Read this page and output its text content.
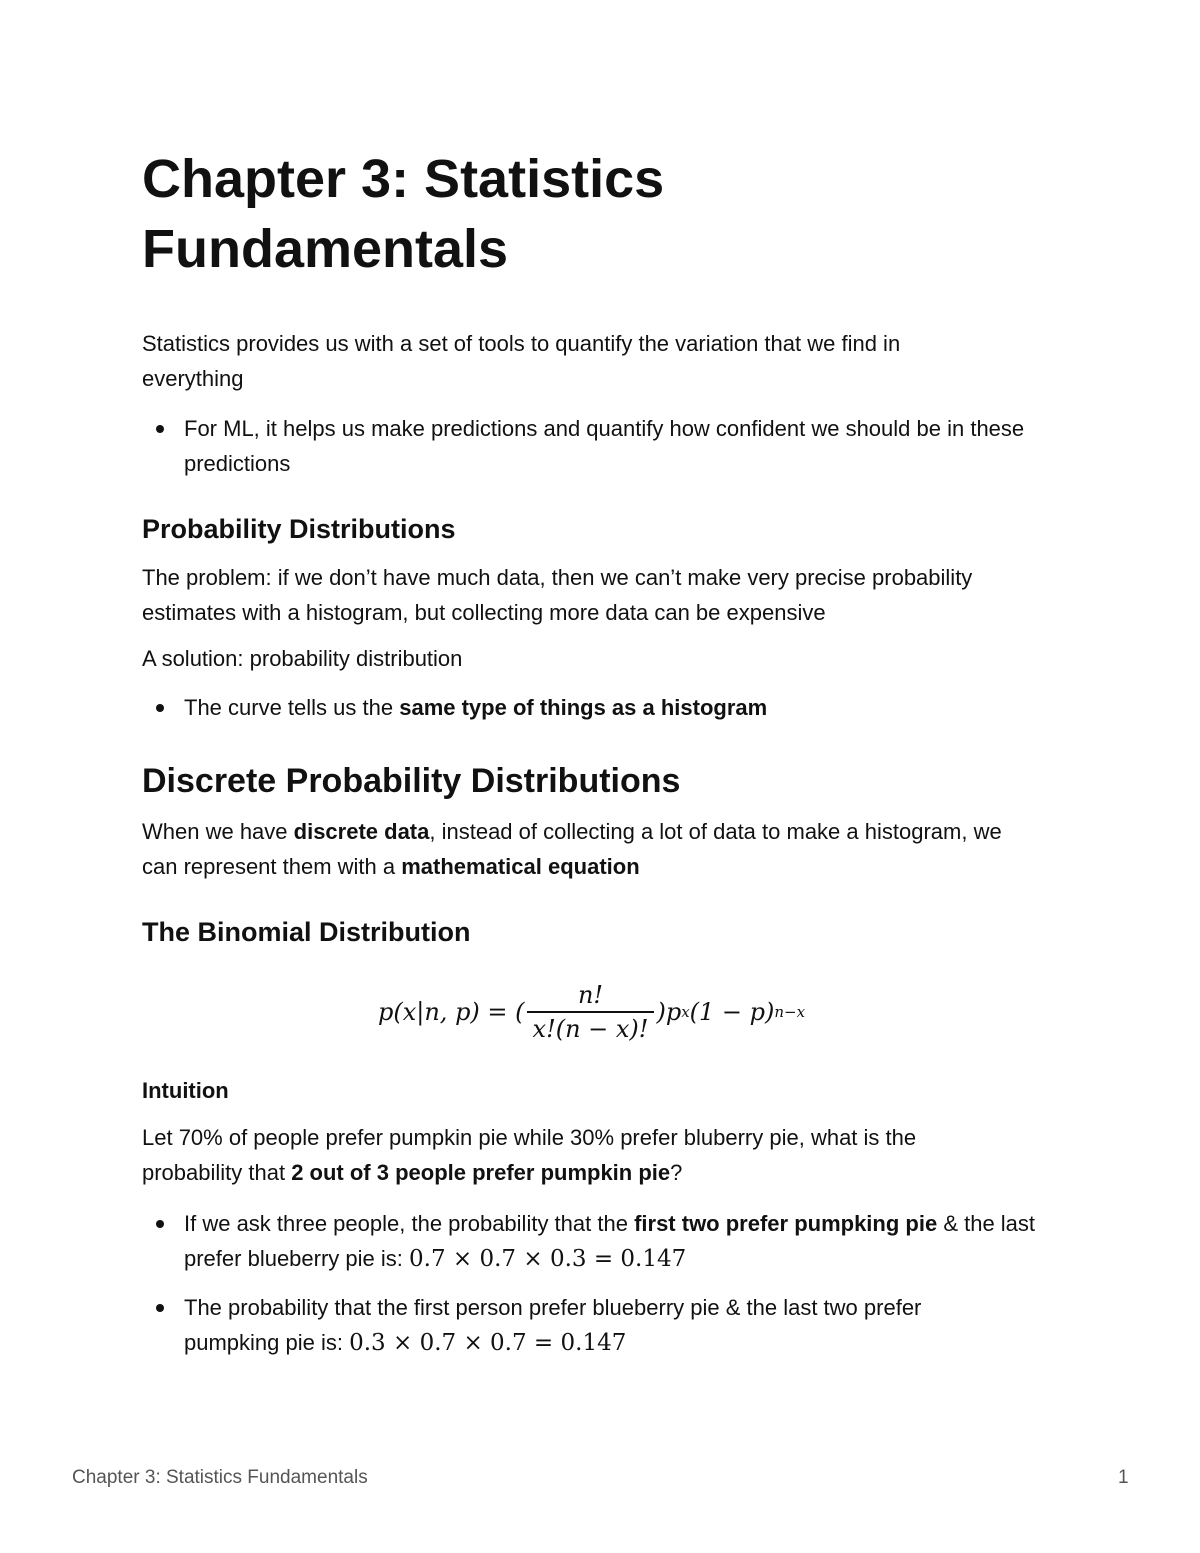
Chapter 3: Statistics Fundamentals

Statistics provides us with a set of tools to quantify the variation that we find in everything

For ML, it helps us make predictions and quantify how confident we should be in these predictions
Probability Distributions

The problem: if we don’t have much data, then we can’t make very precise probability estimates with a histogram, but collecting more data can be expensive

A solution: probability distribution

The curve tells us the same type of things as a histogram
Discrete Probability Distributions

When we have discrete data, instead of collecting a lot of data to make a histogram, we can represent them with a mathematical equation

The Binomial Distribution
p(x|n, p) = ( $\frac{n!}{x!(n - x)!} )p$ x (1 − p) n−x
Intuition

Let 70% of people prefer pumpkin pie while 30% prefer bluberry pie, what is the probability that 2 out of 3 people prefer pumpkin pie?

If we ask three people, the probability that the first two prefer pumpking pie & the last prefer blueberry pie is: 0.7 × 0.7 × 0.3 = 0.147
The probability that the first person prefer blueberry pie & the last two prefer pumpking pie is: 0.3 × 0.7 × 0.7 = 0.147
Chapter 3: Statistics Fundamentals	1
